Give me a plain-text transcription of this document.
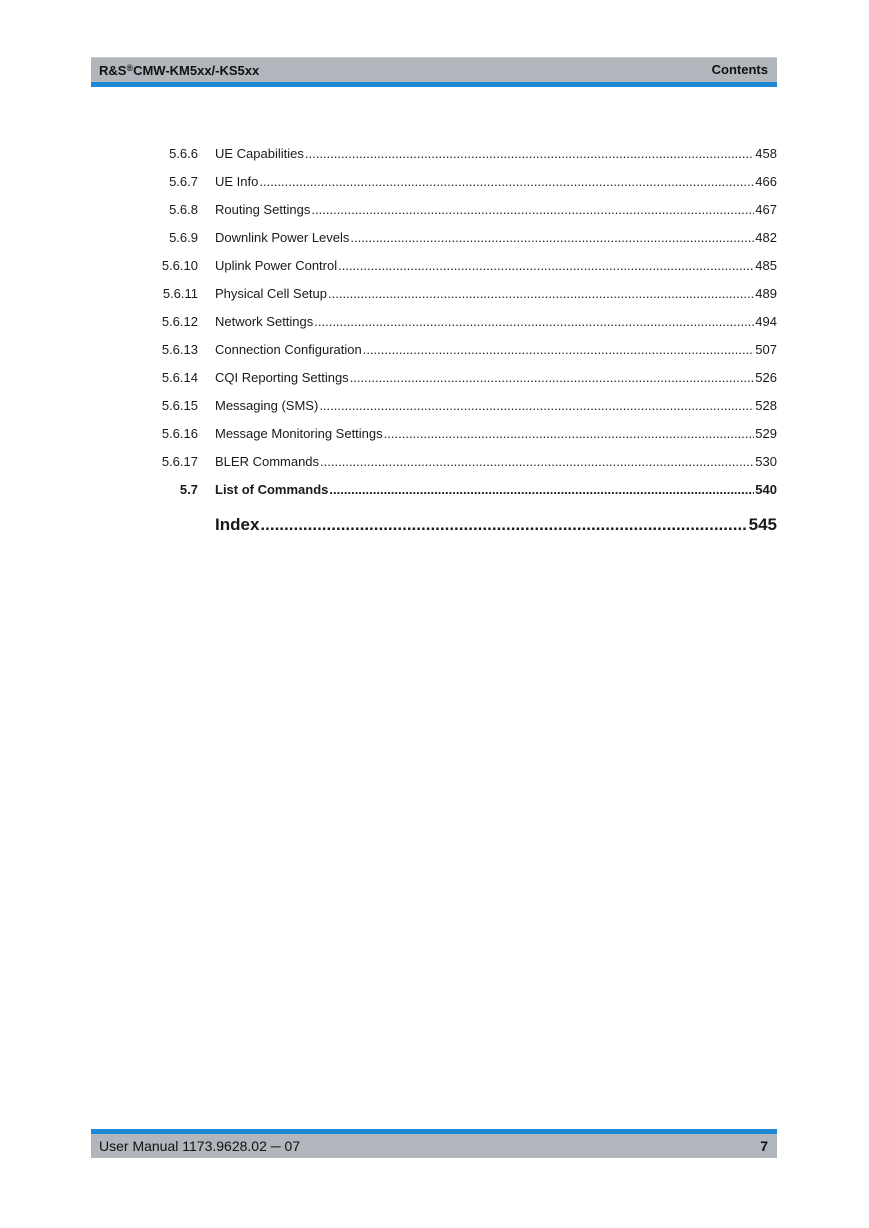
R&S®CMW-KM5xx/-KS5xx	Contents
5.6.6 UE Capabilities .....	458
5.6.7 UE Info .....	466
5.6.8 Routing Settings .....	467
5.6.9 Downlink Power Levels .....	482
5.6.10 Uplink Power Control .....	485
5.6.11 Physical Cell Setup .....	489
5.6.12 Network Settings .....	494
5.6.13 Connection Configuration .....	507
5.6.14 CQI Reporting Settings .....	526
5.6.15 Messaging (SMS) .....	528
5.6.16 Message Monitoring Settings .....	529
5.6.17 BLER Commands .....	530
5.7 List of Commands .....	540
Index .....	545
User Manual 1173.9628.02 ─ 07	7
